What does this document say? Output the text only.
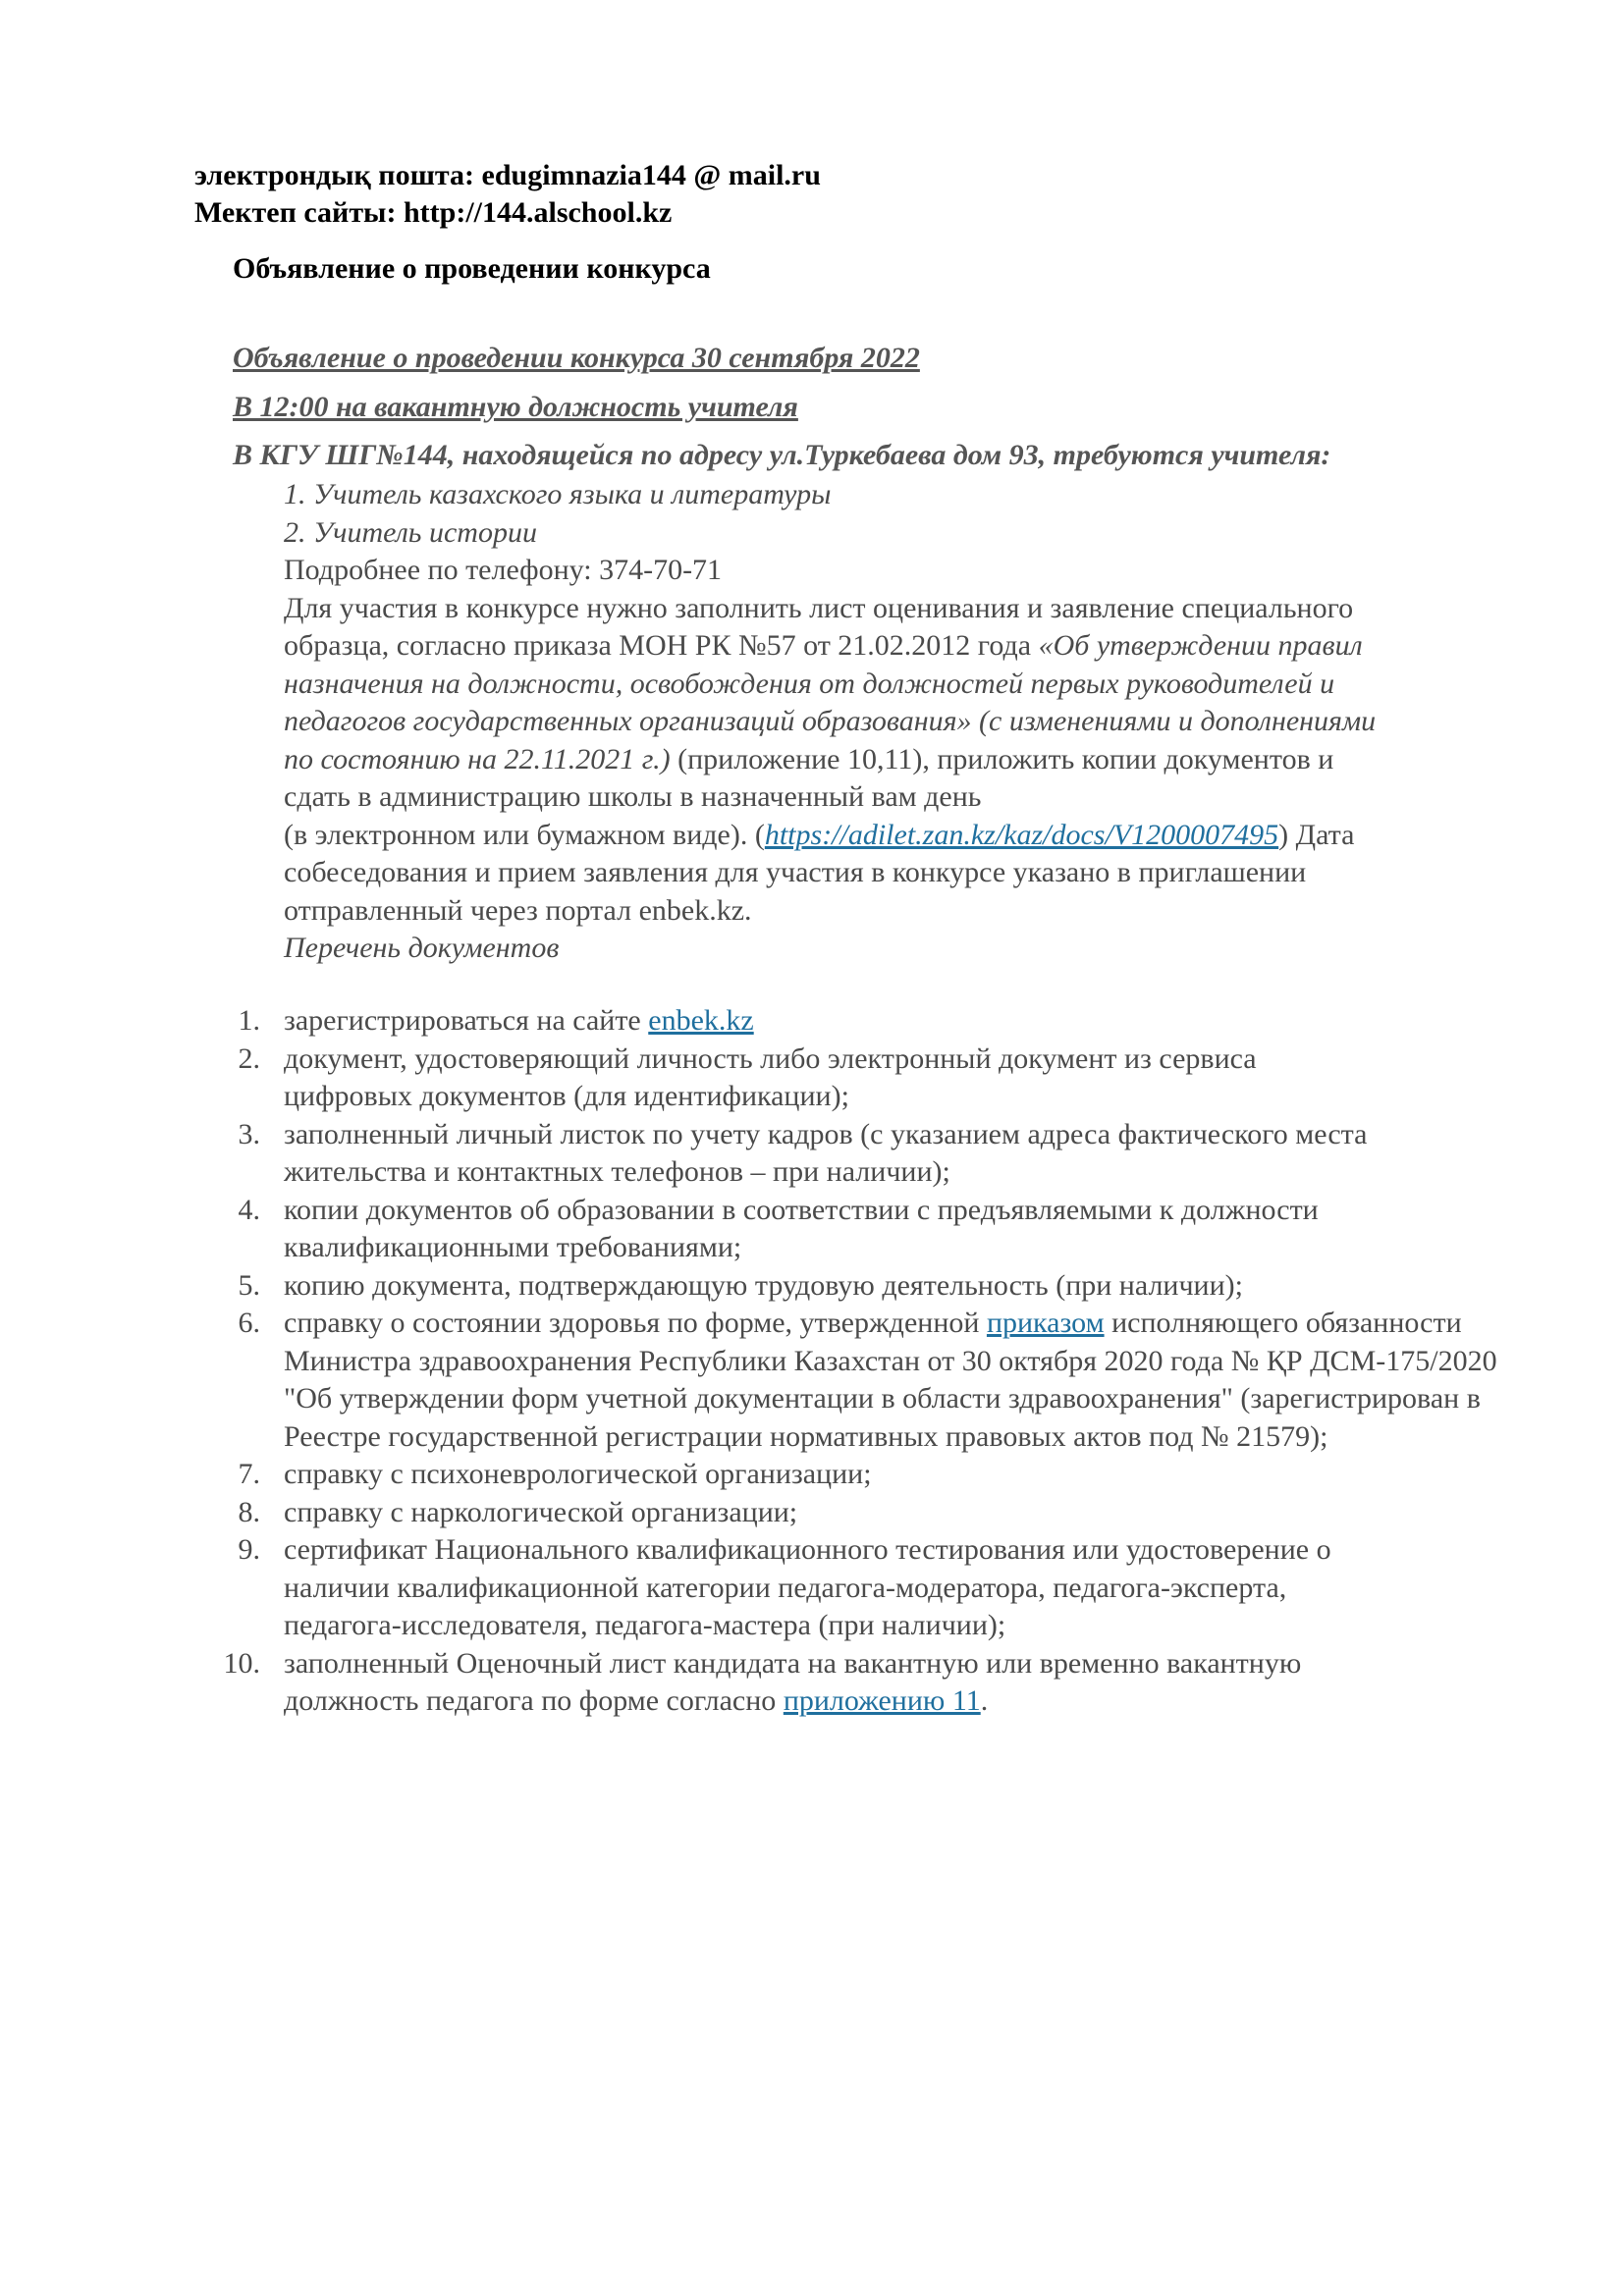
электрондық пошта: edugimnazia144 @ mail.ru
Мектеп сайты: http://144.alschool.kz
Объявление о проведении конкурса
Объявление о проведении конкурса 30 сентября 2022
В 12:00 на вакантную должность учителя
В КГУ ШГ№144, находящейся по адресу ул.Туркебаева дом 93, требуются учителя:
1. Учитель казахского языка и литературы
2. Учитель истории
Подробнее по телефону: 374-70-71
Для участия в конкурсе нужно заполнить лист оценивания и заявление специального
образца, согласно приказа МОН РК №57 от 21.02.2012 года «Об утверждении правил
назначения на должности, освобождения от должностей первых руководителей и
педагогов государственных организаций образования» (с изменениями и дополнениями
по состоянию на 22.11.2021 г.) (приложение 10,11), приложить копии документов и
сдать в администрацию школы в назначенный вам день
(в электронном или бумажном виде). (https://adilet.zan.kz/kaz/docs/V1200007495) Дата
собеседования и прием заявления для участия в конкурсе указано в приглашении
отправленный через портал enbek.kz.
Перечень документов
1. зарегистрироваться на сайте enbek.kz
2. документ, удостоверяющий личность либо электронный документ из сервиса
цифровых документов (для идентификации);
3. заполненный личный листок по учету кадров (с указанием адреса фактического места
жительства и контактных телефонов – при наличии);
4. копии документов об образовании в соответствии с предъявляемыми к должности
квалификационными требованиями;
5. копию документа, подтверждающую трудовую деятельность (при наличии);
6. справку о состоянии здоровья по форме, утвержденной приказом исполняющего обязанности
Министра здравоохранения Республики Казахстан от 30 октября 2020 года № ҚР ДСМ-175/2020
"Об утверждении форм учетной документации в области здравоохранения" (зарегистрирован в
Реестре государственной регистрации нормативных правовых актов под № 21579);
7. справку с психоневрологической организации;
8. справку с наркологической организации;
9. сертификат Национального квалификационного тестирования или удостоверение о
наличии квалификационной категории педагога-модератора, педагога-эксперта,
педагога-исследователя, педагога-мастера (при наличии);
10. заполненный Оценочный лист кандидата на вакантную или временно вакантную
должность педагога по форме согласно приложению 11.
